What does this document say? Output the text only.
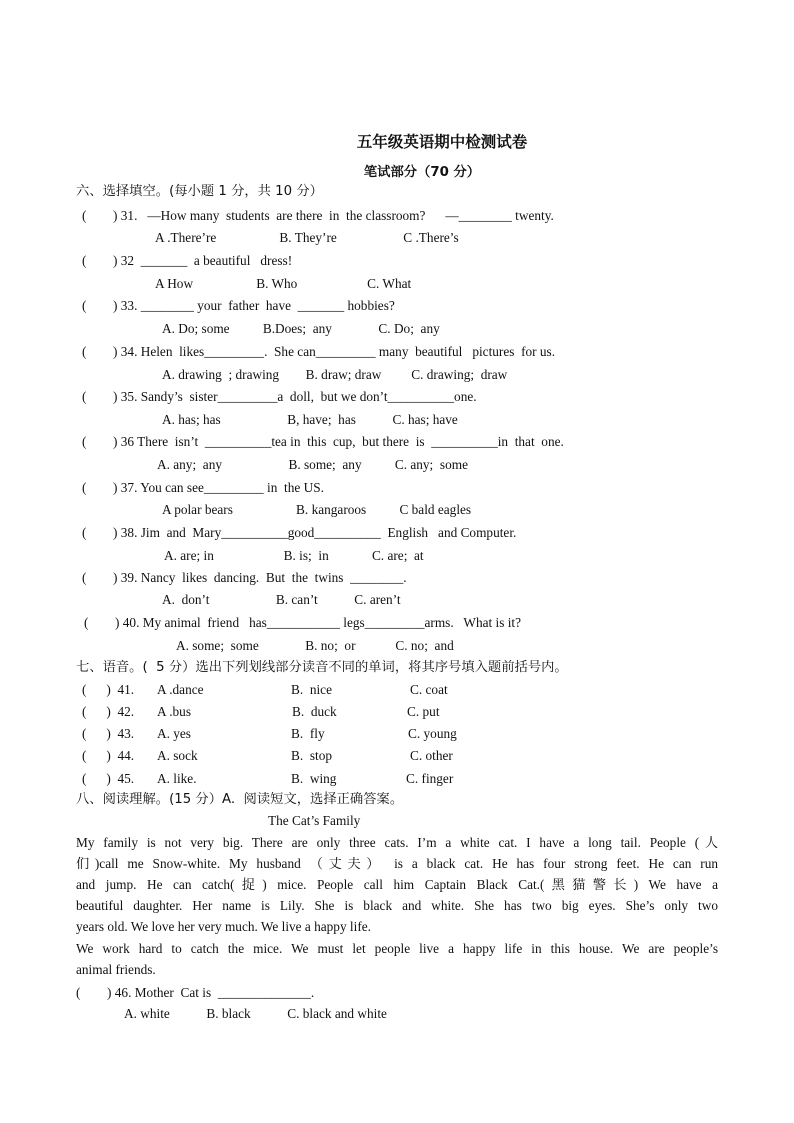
五年级英语期中检测试卷
笔试部分（70 分）
六、选择填空。(每小题 1 分，共 10 分）
(        ) 31.   —How many  students  are there  in  the classroom?      —________ twenty.
A .There’re                   B. They’re                    C .There’s
(        ) 32  _______  a beautiful   dress!
A How                   B. Who                     C. What
(        ) 33. ________ your  father  have  _______ hobbies?
A. Do; some          B.Does;  any              C. Do;  any
(        ) 34. Helen  likes_________.  She can_________ many  beautiful   pictures  for us.
A. drawing  ; drawing        B. draw; draw         C. drawing;  draw
(        ) 35. Sandy’s  sister_________a  doll,  but we don’t__________one.
A. has; has                    B, have;  has           C. has; have
(        ) 36 There  isn’t  __________tea in  this  cup,  but there  is  __________in  that  one.
A. any;  any                    B. some;  any          C. any;  some
(        ) 37. You can see_________ in  the US.
A polar bears                   B. kangaroos          C bald eagles
(        ) 38. Jim  and  Mary__________good__________  English   and Computer.
A. are; in                     B. is;  in             C. are;  at
(        ) 39. Nancy  likes  dancing.  But  the  twins  ________.
A.  don’t                    B. can’t           C. aren’t
(        ) 40. My animal  friend   has___________ legs_________arms.   What is it?
A. some;  some              B. no;  or            C. no;  and
七、语音。(  5 分）选出下列划线部分读音不同的单词，将其序号填入题前括号内。
(      )  41. A .dance	B.  nice	C. coat
(      )  42. A .bus	B.  duck	C. put
(      )  43. A. yes	B.  fly	C. young
(      )  44. A. sock	B.  stop	C. other
(      )  45. A. like.	B.  wing	C. finger
八、阅读理解。(15 分）A.  阅读短文，选择正确答案。
The Cat’s Family
My family is not very big. There are only three cats. I’m a white cat. I have a long tail. People (人
们)call me Snow-white. My husband （丈夫） is a black cat. He has four strong feet. He can run
and jump. He can catch(捉) mice. People call him Captain Black Cat.(黑猫警长) We have a
beautiful daughter. Her name is Lily. She is black and white. She has two big eyes. She’s only two
years old. We love her very much. We live a happy life.
We work hard to catch the mice. We must let people live a happy life in this house. We are people’s
animal friends.
(        ) 46. Mother  Cat is  ______________.
A. white           B. black           C. black and white
